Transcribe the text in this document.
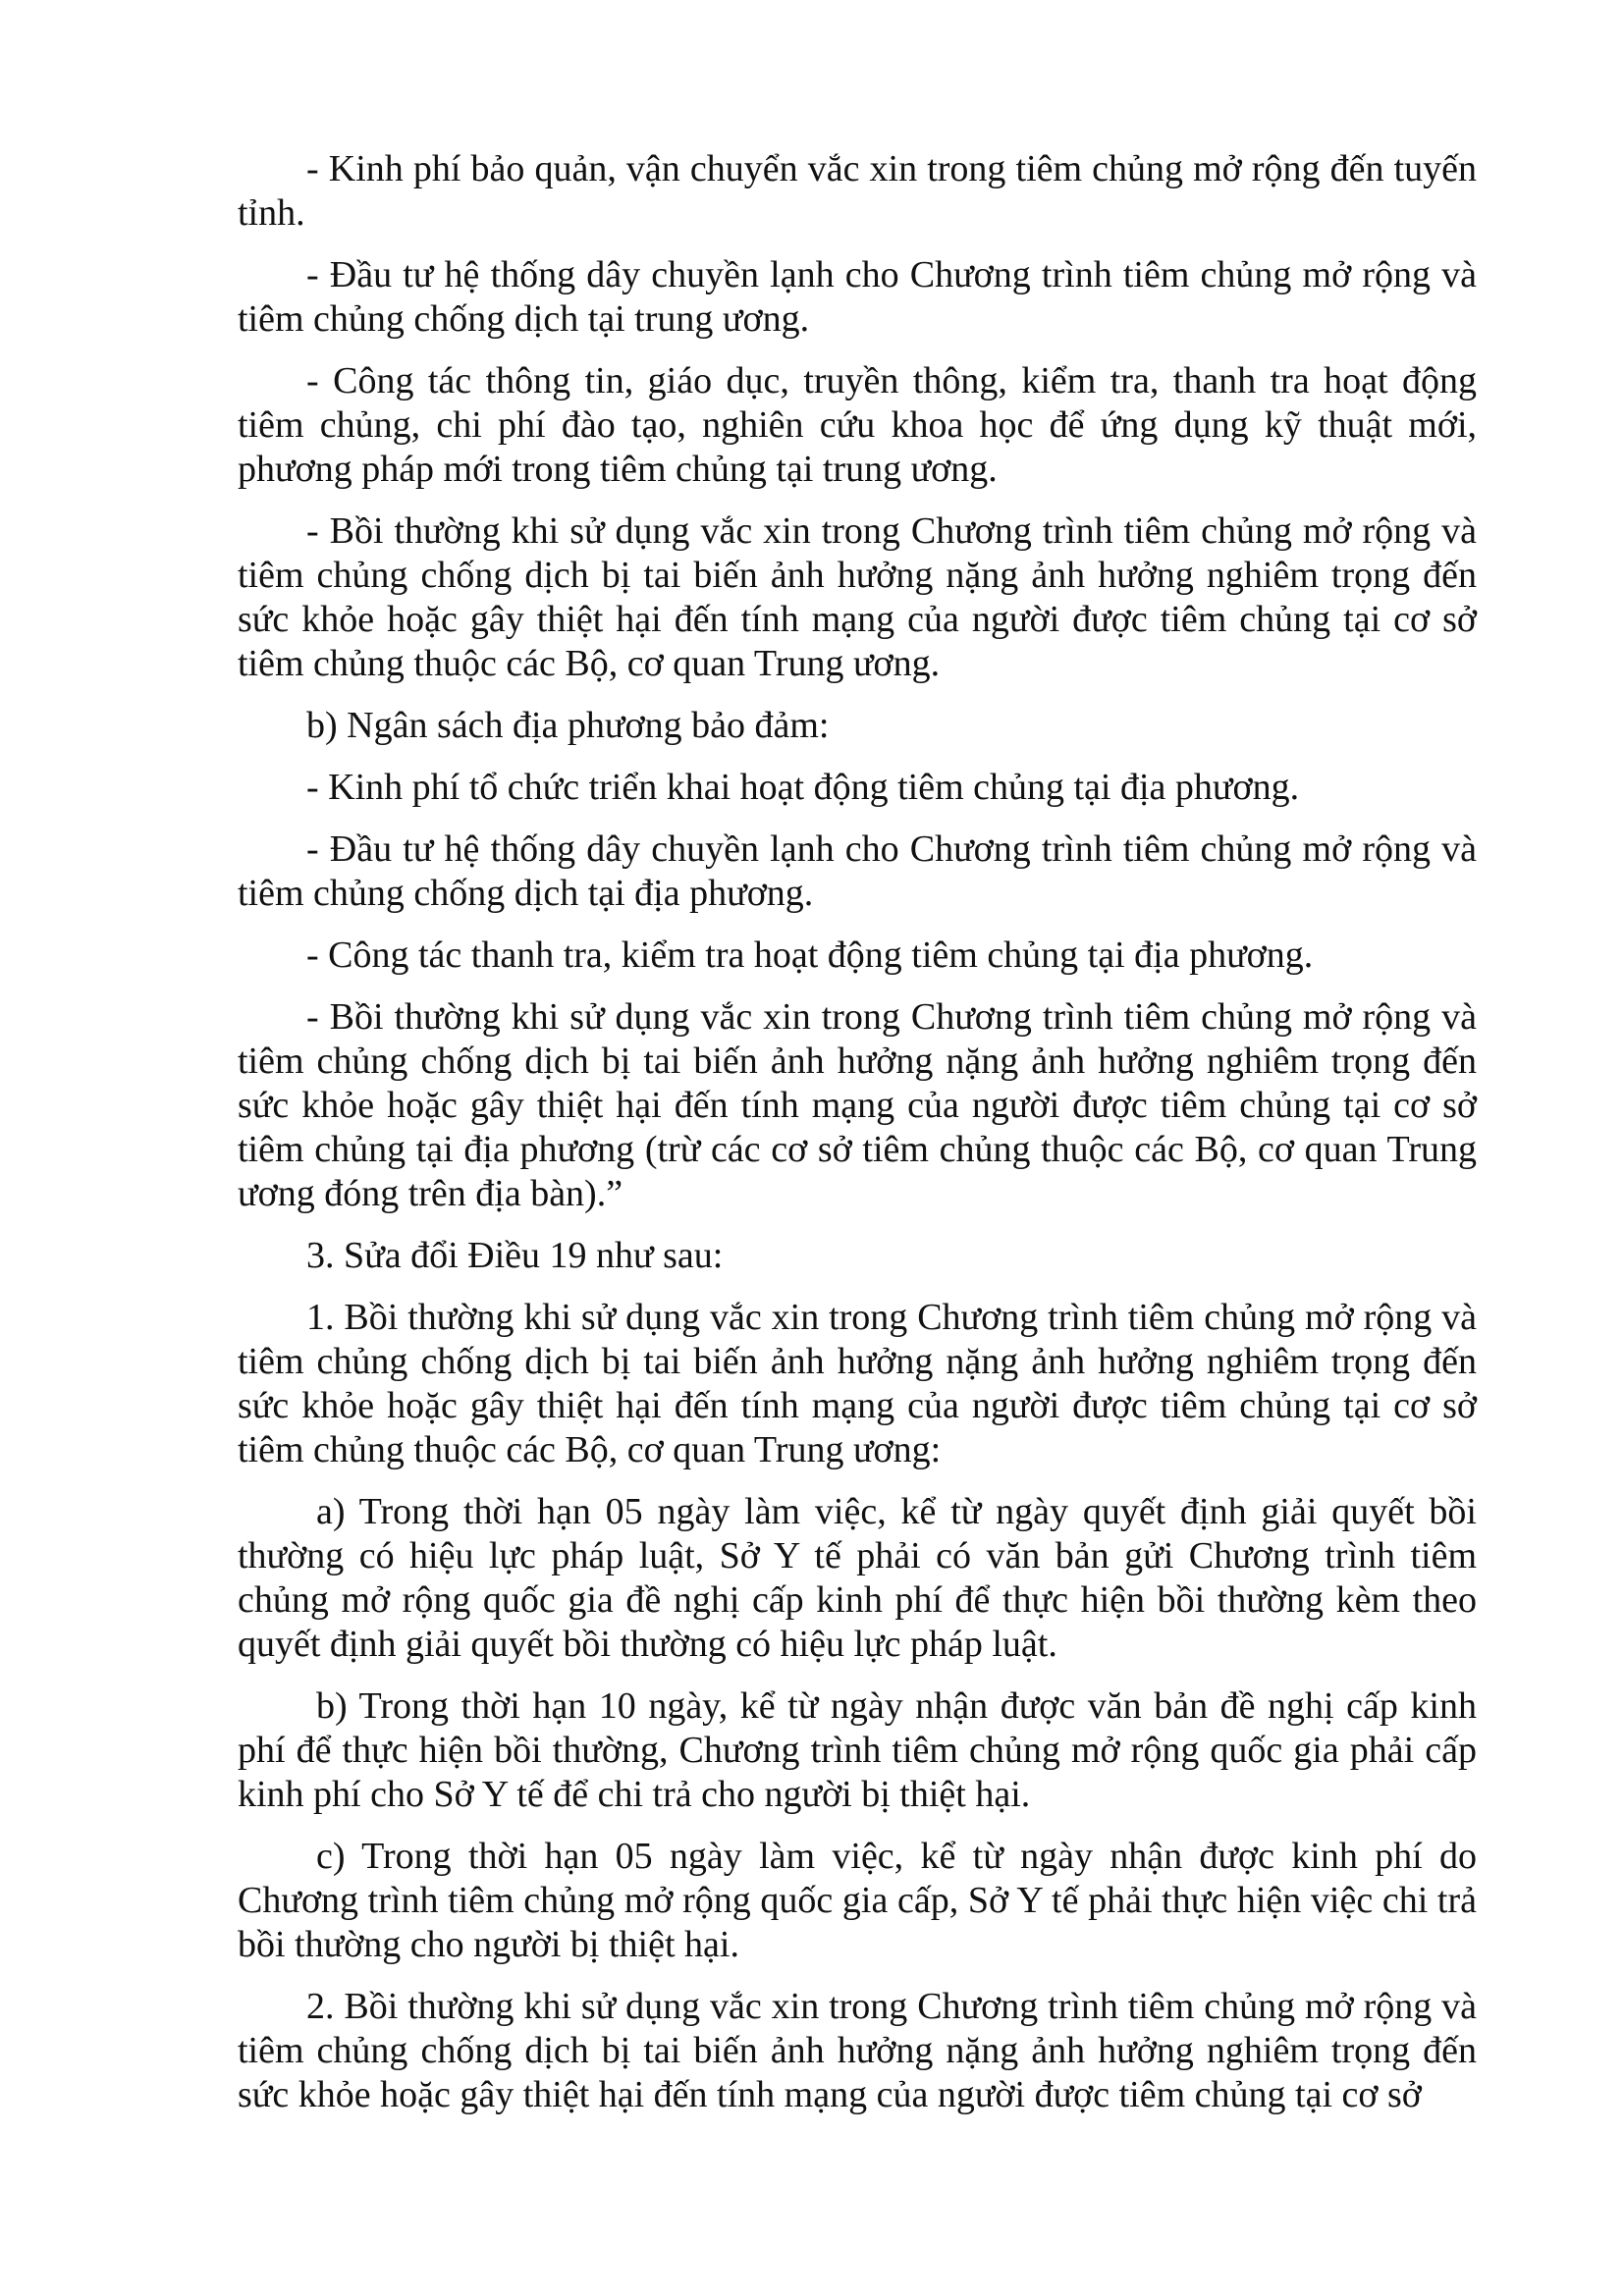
- Kinh phí bảo quản, vận chuyển vắc xin trong tiêm chủng mở rộng đến tuyến tỉnh.

- Đầu tư hệ thống dây chuyền lạnh cho Chương trình tiêm chủng mở rộng và tiêm chủng chống dịch tại trung ương.

- Công tác thông tin, giáo dục, truyền thông, kiểm tra, thanh tra hoạt động tiêm chủng, chi phí đào tạo, nghiên cứu khoa học để ứng dụng kỹ thuật mới, phương pháp mới trong tiêm chủng tại trung ương.

- Bồi thường khi sử dụng vắc xin trong Chương trình tiêm chủng mở rộng và tiêm chủng chống dịch bị tai biến ảnh hưởng nặng ảnh hưởng nghiêm trọng đến sức khỏe hoặc gây thiệt hại đến tính mạng của người được tiêm chủng tại cơ sở tiêm chủng thuộc các Bộ, cơ quan Trung ương.

b) Ngân sách địa phương bảo đảm:

- Kinh phí tổ chức triển khai hoạt động tiêm chủng tại địa phương.

- Đầu tư hệ thống dây chuyền lạnh cho Chương trình tiêm chủng mở rộng và tiêm chủng chống dịch tại địa phương.

- Công tác thanh tra, kiểm tra hoạt động tiêm chủng tại địa phương.

- Bồi thường khi sử dụng vắc xin trong Chương trình tiêm chủng mở rộng và tiêm chủng chống dịch bị tai biến ảnh hưởng nặng ảnh hưởng nghiêm trọng đến sức khỏe hoặc gây thiệt hại đến tính mạng của người được tiêm chủng tại cơ sở tiêm chủng tại địa phương (trừ các cơ sở tiêm chủng thuộc các Bộ, cơ quan Trung ương đóng trên địa bàn).”

3. Sửa đổi Điều 19 như sau:

1. Bồi thường khi sử dụng vắc xin trong Chương trình tiêm chủng mở rộng và tiêm chủng chống dịch bị tai biến ảnh hưởng nặng ảnh hưởng nghiêm trọng đến sức khỏe hoặc gây thiệt hại đến tính mạng của người được tiêm chủng tại cơ sở tiêm chủng thuộc các Bộ, cơ quan Trung ương:

a) Trong thời hạn 05 ngày làm việc, kể từ ngày quyết định giải quyết bồi thường có hiệu lực pháp luật, Sở Y tế phải có văn bản gửi Chương trình tiêm chủng mở rộng quốc gia đề nghị cấp kinh phí để thực hiện bồi thường kèm theo quyết định giải quyết bồi thường có hiệu lực pháp luật.

b) Trong thời hạn 10 ngày, kể từ ngày nhận được văn bản đề nghị cấp kinh phí để thực hiện bồi thường, Chương trình tiêm chủng mở rộng quốc gia phải cấp kinh phí cho Sở Y tế để chi trả cho người bị thiệt hại.

c) Trong thời hạn 05 ngày làm việc, kể từ ngày nhận được kinh phí do Chương trình tiêm chủng mở rộng quốc gia cấp, Sở Y tế phải thực hiện việc chi trả bồi thường cho người bị thiệt hại.

2. Bồi thường khi sử dụng vắc xin trong Chương trình tiêm chủng mở rộng và tiêm chủng chống dịch bị tai biến ảnh hưởng nặng ảnh hưởng nghiêm trọng đến sức khỏe hoặc gây thiệt hại đến tính mạng của người được tiêm chủng tại cơ sở
